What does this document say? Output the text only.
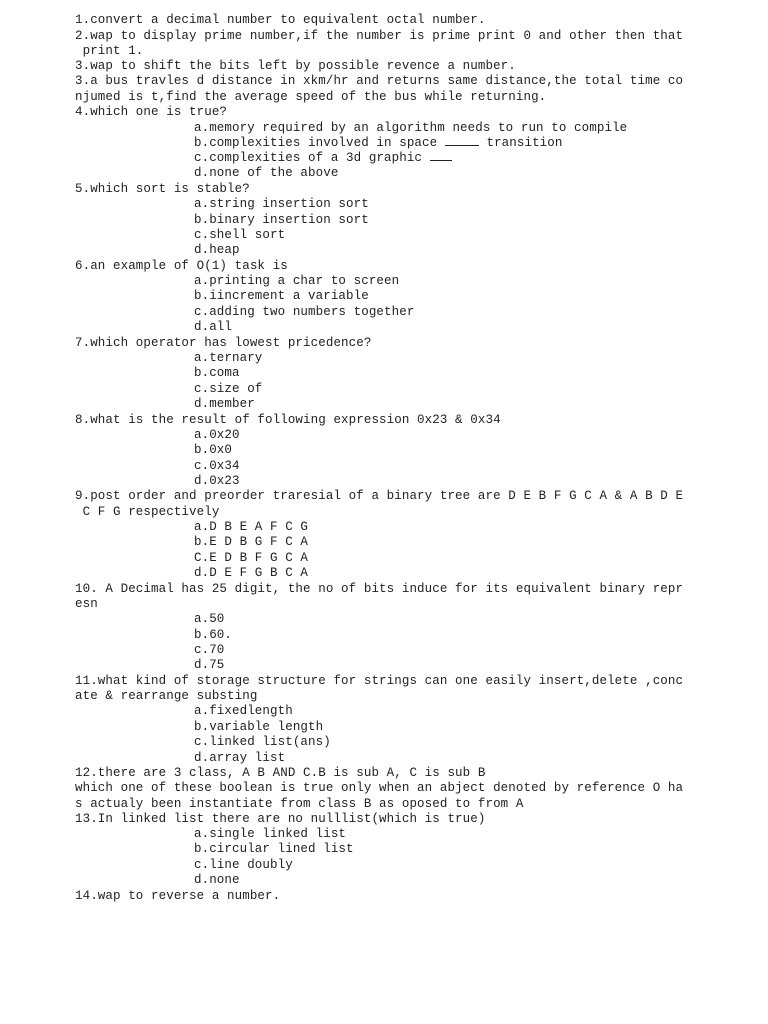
1.convert a decimal number to equivalent octal number.
2.wap to display prime number,if the number is prime print 0 and other then that
print 1.
3.wap to shift the bits left by possible revence a number.
3.a bus travles d distance in xkm/hr and returns same distance,the total time co
njumed is t,find the average speed of the bus while returning.
4.which one is true?
a.memory required by an algorithm needs to run to compile
b.complexities involved in space	transition
c.complexities of a 3d graphic
d.none of the above
5.which sort is stable?
a.string insertion sort
b.binary insertion sort
c.shell sort
d.heap
6.an example of O(1) task is
a.printing a char to screen
b.iincrement a variable
c.adding two numbers together
d.all
7.which operator has lowest pricedence?
a.ternary
b.coma
c.size of
d.member
8.what is the result of following expression 0x23 & 0x34
a.0x20
b.0x0
c.0x34
d.0x23
9.post order and preorder traresial of a binary tree are D E B F G C A & A B D E
C F G respectively
a.D B E A F C G
b.E D B G F C A
C.E D B F G C A
d.D E F G B C A
10. A Decimal has 25 digit, the no of bits induce for its equivalent binary repr
esn
a.50
b.60.
c.70
d.75
11.what kind of storage structure for strings can one easily insert,delete ,conc
ate & rearrange substing
a.fixedlength
b.variable length
c.linked list(ans)
d.array list
12.there are 3 class, A B AND C.B is sub A, C is sub B
which one of these boolean is true only when an abject denoted by reference O ha
s actualy been instantiate from class B as oposed to from A
13.In linked list there are no nulllist(which is true)
a.single linked list
b.circular lined list
c.line doubly
d.none
14.wap to reverse a number.
